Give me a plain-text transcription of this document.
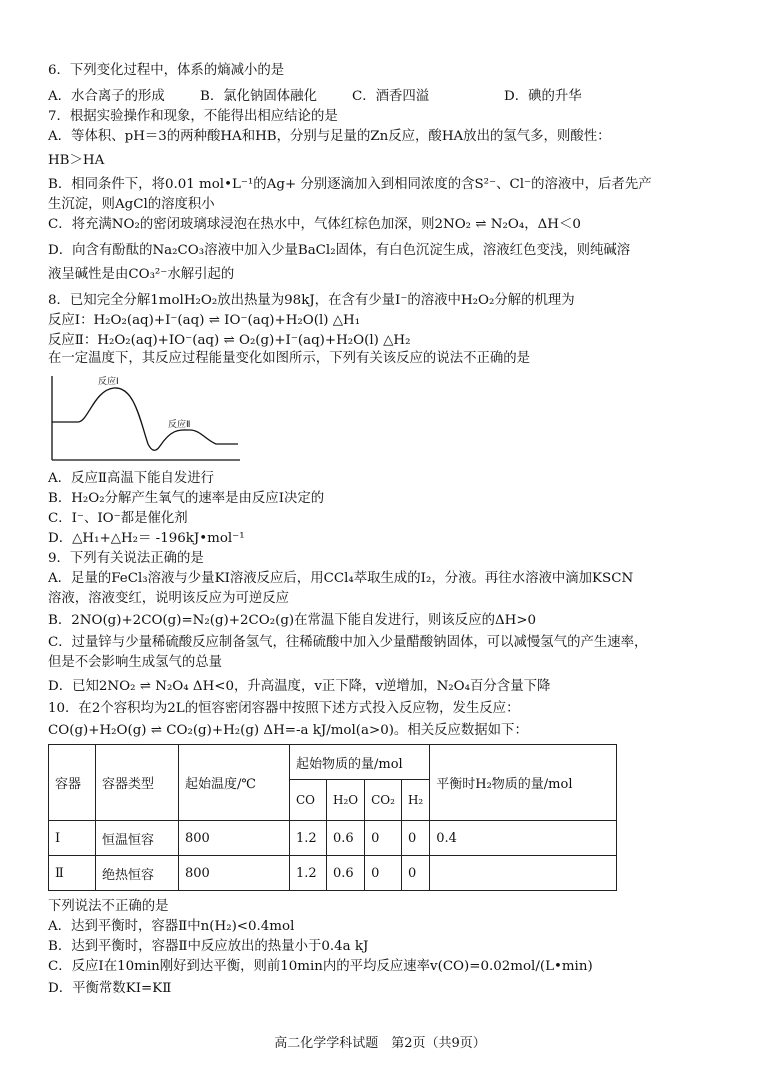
6．下列变化过程中，体系的熵减小的是
A．水合离子的形成	B．氯化钠固体融化	C．酒香四溢	D．碘的升华
7．根据实验操作和现象，不能得出相应结论的是
A．等体积、pH＝3的两种酸HA和HB，分别与足量的Zn反应，酸HA放出的氢气多，则酸性：
HB＞HA
B．相同条件下，将0.01 mol•L⁻¹的Ag+ 分别逐滴加入到相同浓度的含S²⁻、Cl⁻的溶液中，后者先产
生沉淀，则AgCl的溶度积小
C．将充满NO₂的密闭玻璃球浸泡在热水中，气体红棕色加深，则2NO₂ ⇌ N₂O₄，ΔH＜0
D．向含有酚酞的Na₂CO₃溶液中加入少量BaCl₂固体，有白色沉淀生成，溶液红色变浅，则纯碱溶
液呈碱性是由CO₃²⁻水解引起的
8．已知完全分解1molH₂O₂放出热量为98kJ，在含有少量I⁻的溶液中H₂O₂分解的机理为
反应Ⅰ：H₂O₂(aq)+I⁻(aq) ⇌ IO⁻(aq)+H₂O(l) △H₁
反应Ⅱ：H₂O₂(aq)+IO⁻(aq) ⇌ O₂(g)+I⁻(aq)+H₂O(l) △H₂
在一定温度下，其反应过程能量变化如图所示，下列有关该反应的说法不正确的是
反应Ⅰ
反应Ⅱ
A．反应Ⅱ高温下能自发进行
B．H₂O₂分解产生氧气的速率是由反应Ⅰ决定的
C．I⁻、IO⁻都是催化剂
D．△H₁+△H₂＝ -196kJ•mol⁻¹
9．下列有关说法正确的是
A．足量的FeCl₃溶液与少量KI溶液反应后，用CCl₄萃取生成的I₂，分液。再往水溶液中滴加KSCN
溶液，溶液变红，说明该反应为可逆反应
B．2NO(g)+2CO(g)=N₂(g)+2CO₂(g)在常温下能自发进行，则该反应的ΔH>0
C．过量锌与少量稀硫酸反应制备氢气，往稀硫酸中加入少量醋酸钠固体，可以减慢氢气的产生速率，
但是不会影响生成氢气的总量
D．已知2NO₂ ⇌ N₂O₄ ΔH<0，升高温度，v正下降，v逆增加，N₂O₄百分含量下降
10．在2个容积均为2L的恒容密闭容器中按照下述方式投入反应物，发生反应：
CO(g)+H₂O(g) ⇌ CO₂(g)+H₂(g) ΔH=-a kJ/mol(a>0)。相关反应数据如下：
容器	容器类型	起始温度/℃	起始物质的量/mol				平衡时H₂物质的量/mol
			CO	H₂O	CO₂	H₂	
Ⅰ	恒温恒容	800	1.2	0.6	0	0	0.4
Ⅱ	绝热恒容	800	1.2	0.6	0	0	
下列说法不正确的是
A．达到平衡时，容器Ⅱ中n(H₂)<0.4mol
B．达到平衡时，容器Ⅱ中反应放出的热量小于0.4a kJ
C．反应Ⅰ在10min刚好到达平衡，则前10min内的平均反应速率v(CO)=0.02mol/(L•min)
D．平衡常数KⅠ=KⅡ
高二化学学科试题　第2页（共9页）
